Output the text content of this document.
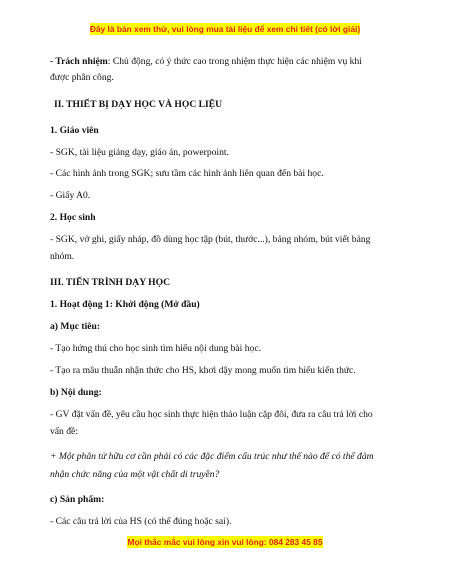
Đây là bản xem thử, vui lòng mua tài liệu để xem chi tiết (có lời giải)
- Trách nhiệm: Chủ động, có ý thức cao trong nhiệm thực hiện các nhiệm vụ khi
được phân công.
II. THIẾT BỊ DẠY HỌC VÀ HỌC LIỆU
1. Giáo viên
- SGK, tài liệu giảng dạy, giáo án, powerpoint.
- Các hình ảnh trong SGK; sưu tầm các hình ảnh liên quan đến bài học.
- Giấy A0.
2. Học sinh
- SGK, vở ghi, giấy nháp, đồ dùng học tập (bút, thước...), bảng nhóm, bút viết bảng
nhóm.
III. TIẾN TRÌNH DẠY HỌC
1. Hoạt động 1: Khởi động (Mở đầu)
a) Mục tiêu:
- Tạo hứng thú cho học sinh tìm hiểu nội dung bài học.
- Tạo ra mâu thuẫn nhận thức cho HS, khơi dậy mong muốn tìm hiểu kiến thức.
b) Nội dung:
- GV đặt vấn đề, yêu cầu học sinh thực hiện thảo luận cặp đôi, đưa ra câu trả lời cho
vấn đề:
+ Một phân tử hữu cơ cần phải có các đặc điểm cấu trúc như thế nào để có thể đảm
nhận chức năng của một vật chất di truyền?
c) Sản phẩm:
- Các câu trả lời của HS (có thể đúng hoặc sai).
Mọi thắc mắc vui lòng xin vui lòng: 084 283 45 85
